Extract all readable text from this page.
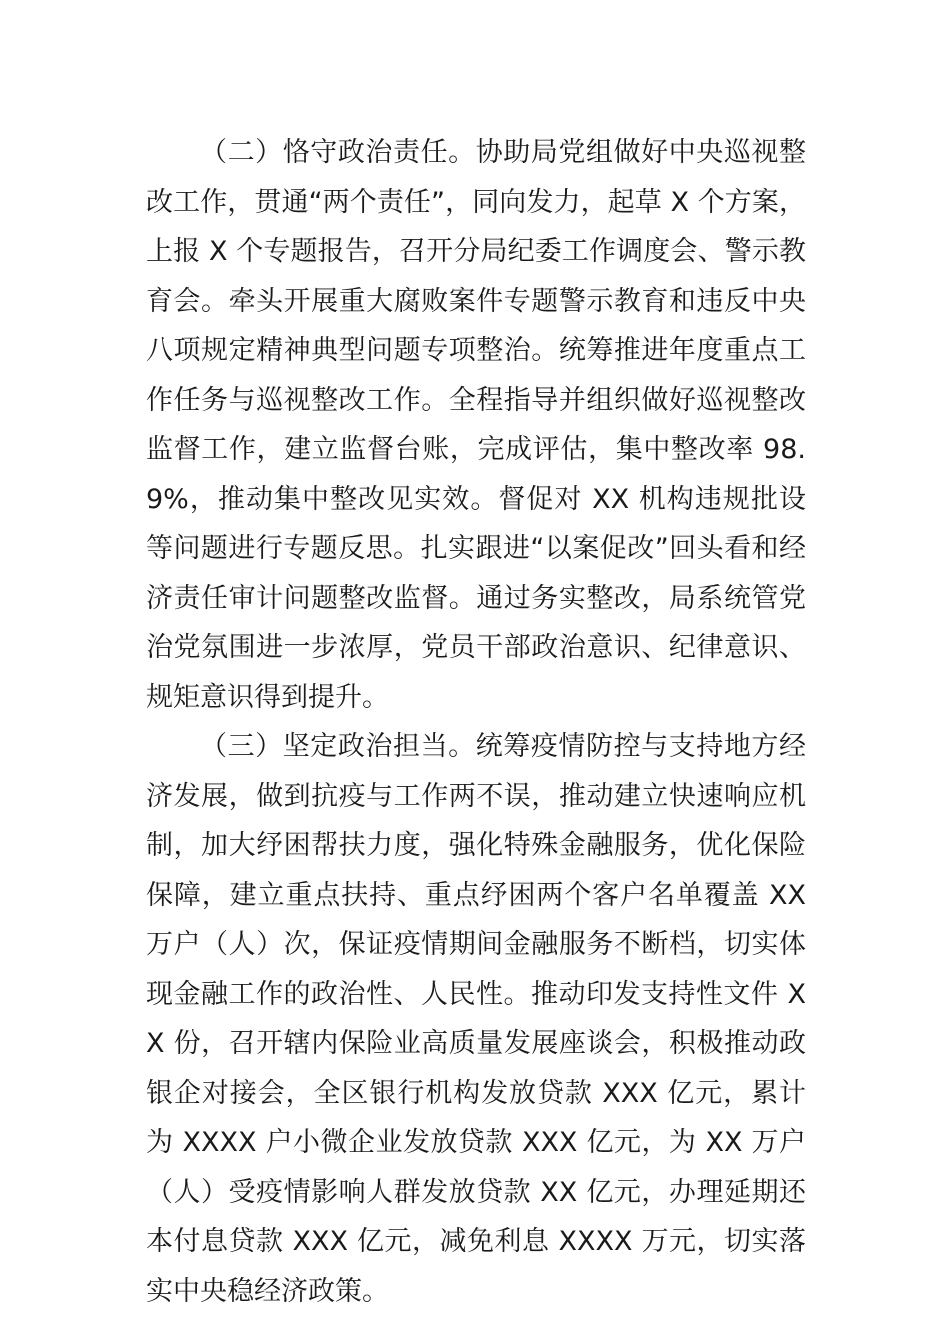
（二）恪守政治责任。协助局党组做好中央巡视整改工作，贯通“两个责任”，同向发力，起草 X 个方案，上报 X 个专题报告，召开分局纪委工作调度会、警示教育会。牵头开展重大腐败案件专题警示教育和违反中央八项规定精神典型问题专项整治。统筹推进年度重点工作任务与巡视整改工作。全程指导并组织做好巡视整改监督工作，建立监督台账，完成评估，集中整改率 98.9%，推动集中整改见实效。督促对 XX 机构违规批设等问题进行专题反思。扎实跟进“以案促改”回头看和经济责任审计问题整改监督。通过务实整改，局系统管党治党氛围进一步浓厚，党员干部政治意识、纪律意识、规矩意识得到提升。

（三）坚定政治担当。统筹疫情防控与支持地方经济发展，做到抗疫与工作两不误，推动建立快速响应机制，加大纾困帮扶力度，强化特殊金融服务，优化保险保障，建立重点扶持、重点纾困两个客户名单覆盖 XX 万户（人）次，保证疫情期间金融服务不断档，切实体现金融工作的政治性、人民性。推动印发支持性文件 XX 份，召开辖内保险业高质量发展座谈会，积极推动政银企对接会，全区银行机构发放贷款 XXX 亿元，累计为 XXXX 户小微企业发放贷款 XXX 亿元，为 XX 万户（人）受疫情影响人群发放贷款 XX 亿元，办理延期还本付息贷款 XXX 亿元，减免利息 XXXX 万元，切实落实中央稳经济政策。
